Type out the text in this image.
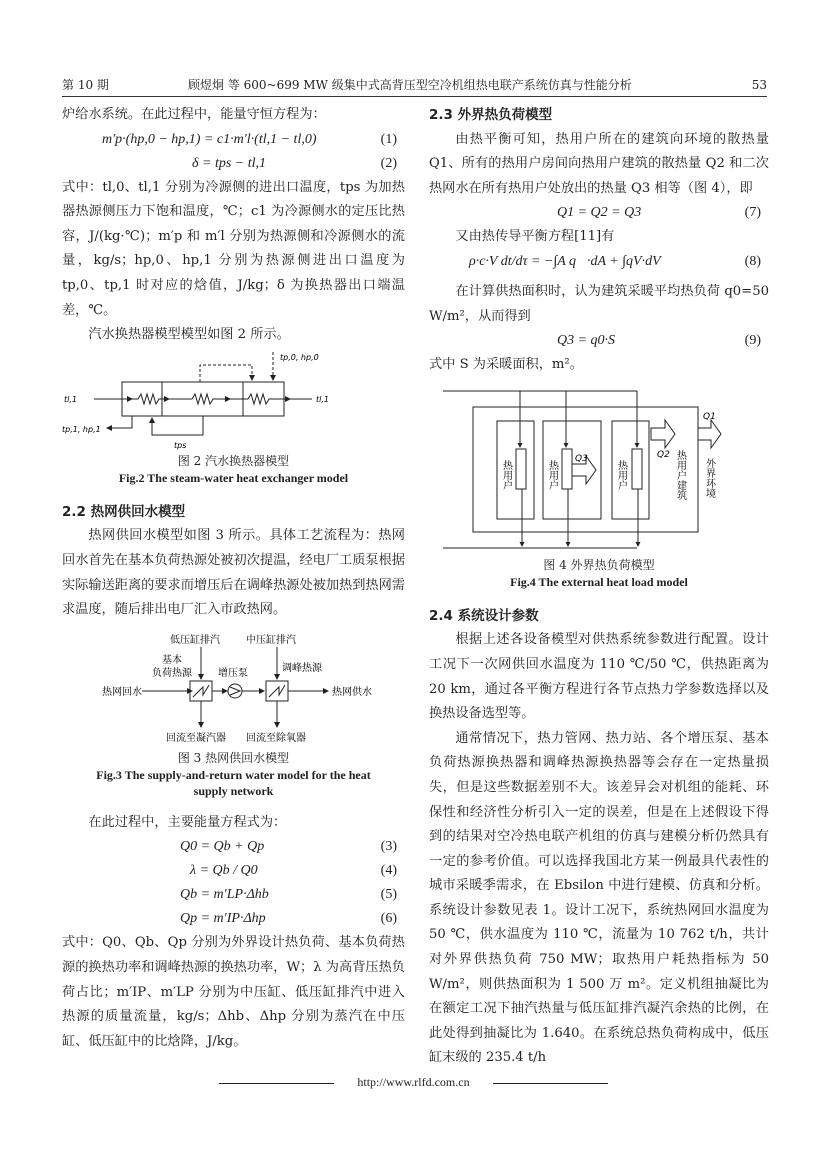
第 10 期	顾煜炯 等 600~699 MW 级集中式高背压型空冷机组热电联产系统仿真与性能分析	53

炉给水系统。在此过程中，能量守恒方程为：

m′p·(hp,0 − hp,1) = c1·m′l·(tl,1 − tl,0)	(1)
δ = tps − tl,1	(2)

式中：tl,0、tl,1 分别为冷源侧的进出口温度，tps 为加热器热源侧压力下饱和温度，℃；c1 为冷源侧水的定压比热容，J/(kg·℃)；m′p 和 m′l 分别为热源侧和冷源侧水的流量，kg/s；hp,0、hp,1 分别为热源侧进出口温度为 tp,0、tp,1 时对应的焓值，J/kg；δ 为换热器出口端温差，℃。

汽水换热器模型模型如图 2 所示。

tl,1	tl,1
tp,0, hp,0
tp,1, hp,1
tps
图 2 汽水换热器模型
Fig.2 The steam-water heat exchanger model

2.2 热网供回水模型

热网供回水模型如图 3 所示。具体工艺流程为：热网回水首先在基本负荷热源处被初次提温，经电厂工质泵根据实际输送距离的要求而增压后在调峰热源处被加热到热网需求温度，随后排出电厂汇入市政热网。

低压缸排汽	中压缸排汽
基本
负荷热源	增压泵	调峰热源
热网回水	热网供水
回流至凝汽器 回流至除氧器
图 3 热网供回水模型
Fig.3 The supply-and-return water model for the heat
supply network

在此过程中，主要能量方程式为：

Q0 = Qb + Qp	(3)
λ = Qb / Q0	(4)
Qb = m′LP·Δhb	(5)
Qp = m′IP·Δhp	(6)

式中：Q0、Qb、Qp 分别为外界设计热负荷、基本负荷热源的换热功率和调峰热源的换热功率，W；λ 为高背压热负荷占比；m′IP、m′LP 分别为中压缸、低压缸排汽中进入热源的质量流量，kg/s；Δhb、Δhp 分别为蒸汽在中压缸、低压缸中的比焓降，J/kg。

2.3 外界热负荷模型

由热平衡可知，热用户所在的建筑向环境的散热量 Q1、所有的热用户房间向热用户建筑的散热量 Q2 和二次热网水在所有热用户处放出的热量 Q3 相等（图 4），即

Q1 = Q2 = Q3	(7)

又由热传导平衡方程[11]有

ρ·c·V dt/dτ = −∫A q⃗·dA + ∫qV·dV	(8)

在计算供热面积时，认为建筑采暖平均热负荷 q0=50 W/m²，从而得到

Q3 = q0·S	(9)

式中 S 为采暖面积，m²。

Q3	Q2
Q1
热用户	热用户	热用户	热用户建筑 外界环境
图 4 外界热负荷模型
Fig.4 The external heat load model

2.4 系统设计参数

根据上述各设备模型对供热系统参数进行配置。设计工况下一次网供回水温度为 110 ℃/50 ℃，供热距离为 20 km，通过各平衡方程进行各节点热力学参数选择以及换热设备选型等。

通常情况下，热力管网、热力站、各个增压泵、基本负荷热源换热器和调峰热源换热器等会存在一定热量损失，但是这些数据差别不大。该差异会对机组的能耗、环保性和经济性分析引入一定的误差，但是在上述假设下得到的结果对空冷热电联产机组的仿真与建模分析仍然具有一定的参考价值。可以选择我国北方某一例最具代表性的城市采暖季需求，在 Ebsilon 中进行建模、仿真和分析。系统设计参数见表 1。设计工况下，系统热网回水温度为 50 ℃，供水温度为 110 ℃，流量为 10 762 t/h，共计对外界供热负荷 750 MW；取热用户耗热指标为 50 W/m²，则供热面积为 1 500 万 m²。定义机组抽凝比为在额定工况下抽汽热量与低压缸排汽凝汽余热的比例，在此处得到抽凝比为 1.640。在系统总热负荷构成中，低压缸末级的 235.4 t/h

http://www.rlfd.com.cn
